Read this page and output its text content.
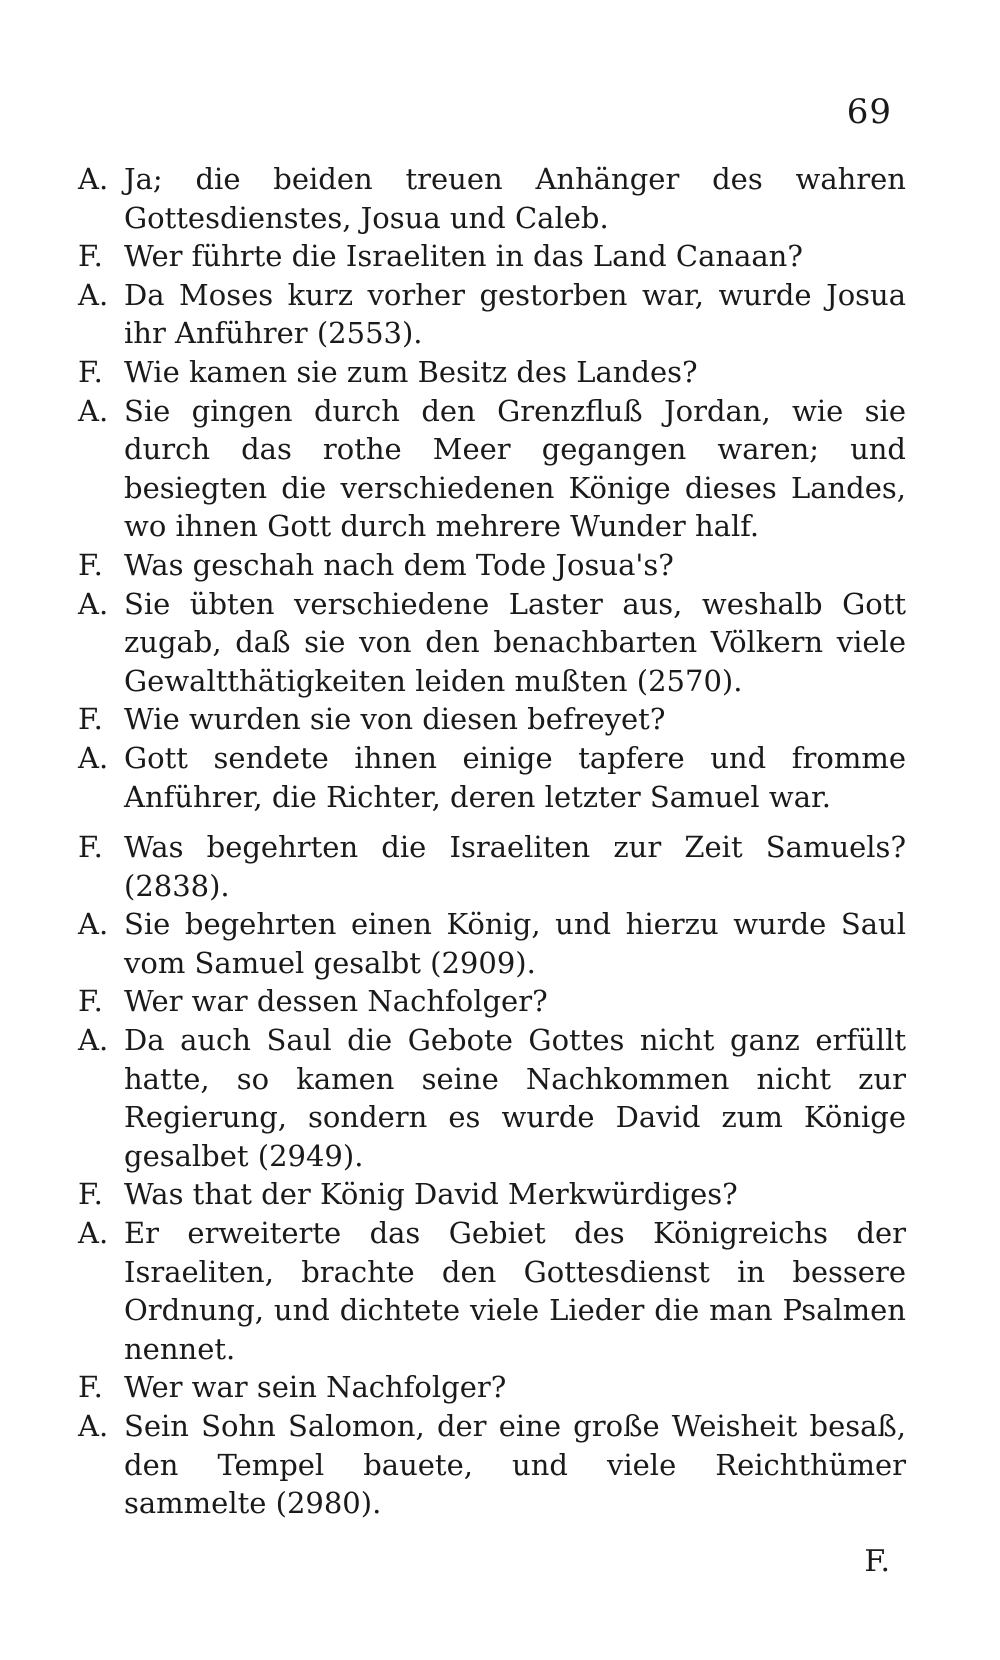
69
A. Ja; die beiden treuen Anhänger des wahren Gottesdienstes, Josua und Caleb.
F. Wer führte die Israeliten in das Land Canaan?
A. Da Moses kurz vorher gestorben war, wurde Josua ihr Anführer (2553).
F. Wie kamen sie zum Besitz des Landes?
A. Sie gingen durch den Grenzfluß Jordan, wie sie durch das rothe Meer gegangen waren; und besiegten die verschiedenen Könige dieses Landes, wo ihnen Gott durch mehrere Wunder half.
F. Was geschah nach dem Tode Josua's?
A. Sie übten verschiedene Laster aus, weshalb Gott zugab, daß sie von den benachbarten Völkern viele Gewaltthätigkeiten leiden mußten (2570).
F. Wie wurden sie von diesen befreyet?
A. Gott sendete ihnen einige tapfere und fromme Anführer, die Richter, deren letzter Samuel war.
F. Was begehrten die Israeliten zur Zeit Samuels? (2838).
A. Sie begehrten einen König, und hierzu wurde Saul vom Samuel gesalbt (2909).
F. Wer war dessen Nachfolger?
A. Da auch Saul die Gebote Gottes nicht ganz erfüllt hatte, so kamen seine Nachkommen nicht zur Regierung, sondern es wurde David zum Könige gesalbet (2949).
F. Was that der König David Merkwürdiges?
A. Er erweiterte das Gebiet des Königreichs der Israeliten, brachte den Gottesdienst in bessere Ordnung, und dichtete viele Lieder die man Psalmen nennet.
F. Wer war sein Nachfolger?
A. Sein Sohn Salomon, der eine große Weisheit besaß, den Tempel bauete, und viele Reichthümer sammelte (2980).
F.
